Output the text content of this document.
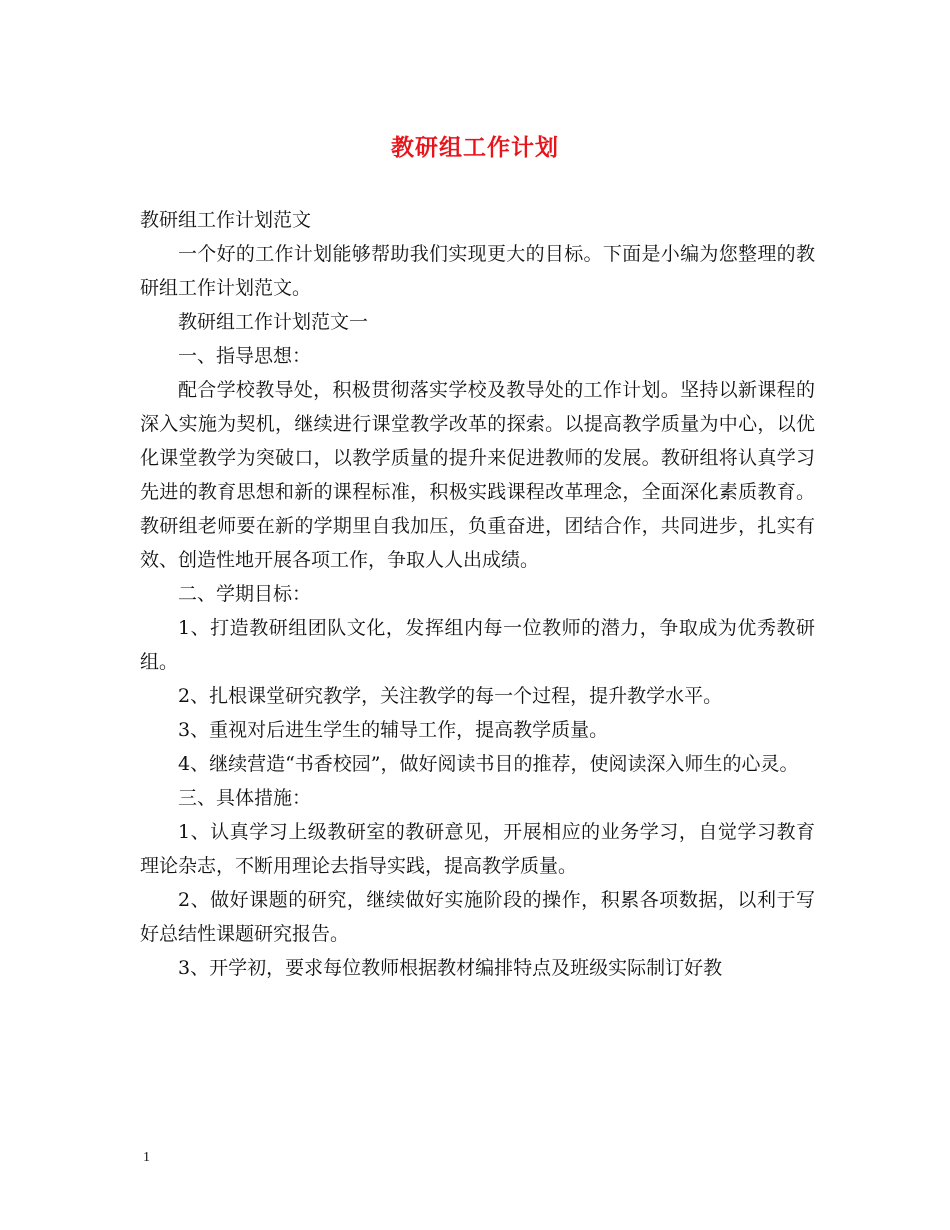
教研组工作计划

教研组工作计划范文

一个好的工作计划能够帮助我们实现更大的目标。下面是小编为您整理的教研组工作计划范文。

教研组工作计划范文一

一、指导思想：

配合学校教导处，积极贯彻落实学校及教导处的工作计划。坚持以新课程的深入实施为契机，继续进行课堂教学改革的探索。以提高教学质量为中心，以优化课堂教学为突破口，以教学质量的提升来促进教师的发展。教研组将认真学习先进的教育思想和新的课程标准，积极实践课程改革理念，全面深化素质教育。教研组老师要在新的学期里自我加压，负重奋进，团结合作，共同进步，扎实有效、创造性地开展各项工作，争取人人出成绩。

二、学期目标：

1、打造教研组团队文化，发挥组内每一位教师的潜力，争取成为优秀教研组。

2、扎根课堂研究教学，关注教学的每一个过程，提升教学水平。

3、重视对后进生学生的辅导工作，提高教学质量。

4、继续营造“书香校园”，做好阅读书目的推荐，使阅读深入师生的心灵。

三、具体措施：

1、认真学习上级教研室的教研意见，开展相应的业务学习，自觉学习教育理论杂志，不断用理论去指导实践，提高教学质量。

2、做好课题的研究，继续做好实施阶段的操作，积累各项数据，以利于写好总结性课题研究报告。

3、开学初，要求每位教师根据教材编排特点及班级实际制订好教

1
